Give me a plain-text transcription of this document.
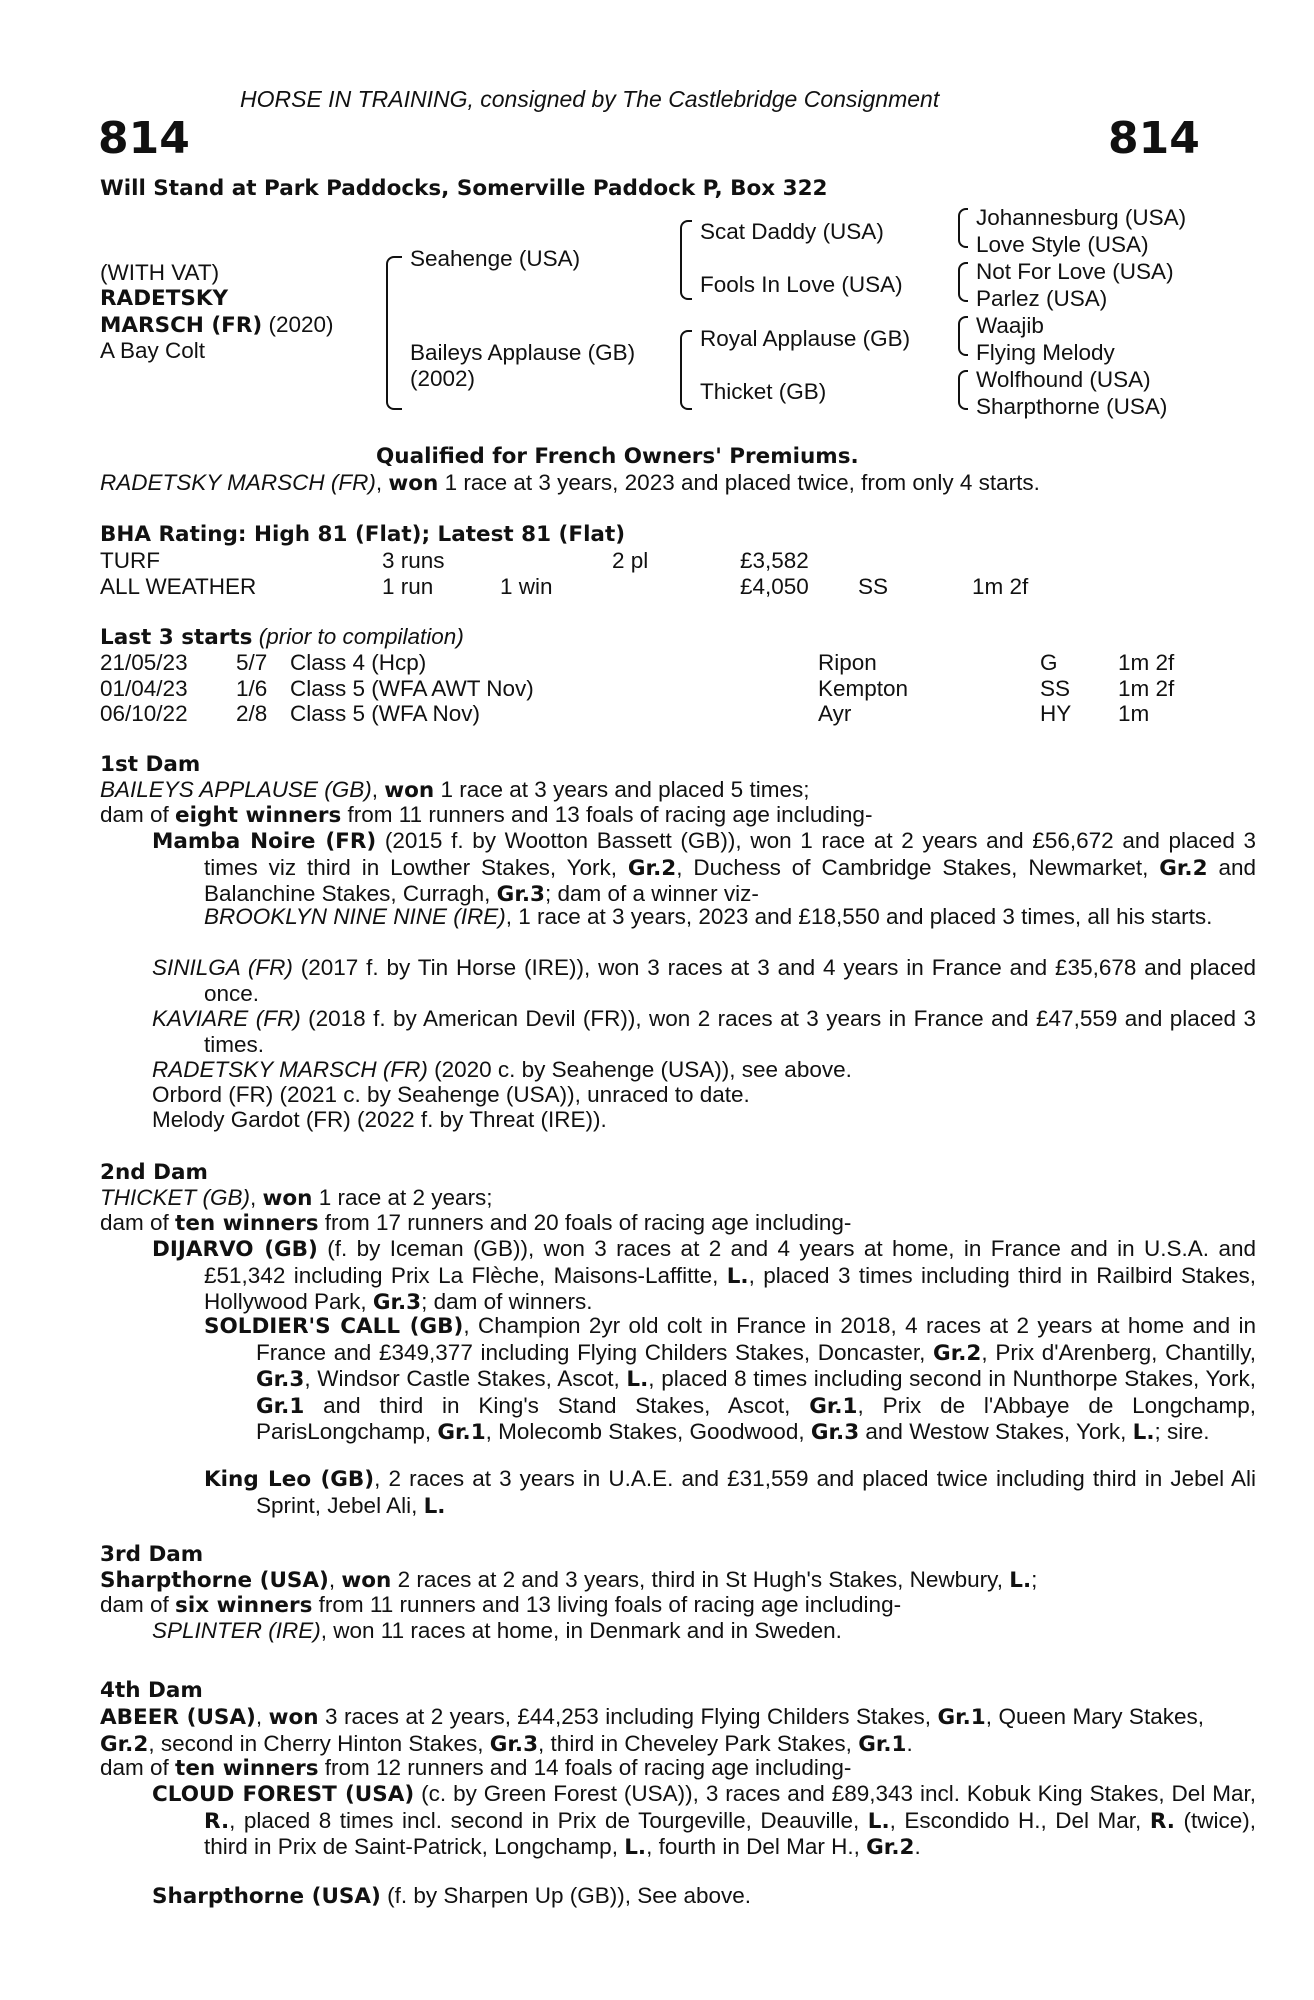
HORSE IN TRAINING, consigned by The Castlebridge Consignment
814	814
Will Stand at Park Paddocks, Somerville Paddock P, Box 322
(WITH VAT)
RADETSKY
MARSCH (FR) (2020)
A Bay Colt
Seahenge (USA)
Baileys Applause (GB)
(2002)
Scat Daddy (USA)
Fools In Love (USA)
Royal Applause (GB)
Thicket (GB)
Johannesburg (USA)
Love Style (USA)
Not For Love (USA)
Parlez (USA)
Waajib
Flying Melody
Wolfhound (USA)
Sharpthorne (USA)
Qualified for French Owners' Premiums.
RADETSKY MARSCH (FR), won 1 race at 3 years, 2023 and placed twice, from only 4 starts.
BHA Rating: High 81 (Flat); Latest 81 (Flat)
TURF	3 runs	2 pl	£3,582
ALL WEATHER	1 run	1 win	£4,050 SS	1m 2f
Last 3 starts (prior to compilation)
21/05/23 5/7 Class 4 (Hcp)	Ripon	G	1m 2f
01/04/23 1/6 Class 5 (WFA AWT Nov)	Kempton	SS 1m 2f
06/10/22 2/8 Class 5 (WFA Nov)	Ayr	HY 1m
1st Dam
BAILEYS APPLAUSE (GB), won 1 race at 3 years and placed 5 times;
dam of eight winners from 11 runners and 13 foals of racing age including-
Mamba Noire (FR) (2015 f. by Wootton Bassett (GB)), won 1 race at 2 years and £56,672 and placed 3 times viz third in Lowther Stakes, York, Gr.2, Duchess of Cambridge Stakes, Newmarket, Gr.2 and Balanchine Stakes, Curragh, Gr.3; dam of a winner viz-
BROOKLYN NINE NINE (IRE), 1 race at 3 years, 2023 and £18,550 and placed 3 times, all his starts.
SINILGA (FR) (2017 f. by Tin Horse (IRE)), won 3 races at 3 and 4 years in France and £35,678 and placed once.
KAVIARE (FR) (2018 f. by American Devil (FR)), won 2 races at 3 years in France and £47,559 and placed 3 times.
RADETSKY MARSCH (FR) (2020 c. by Seahenge (USA)), see above.
Orbord (FR) (2021 c. by Seahenge (USA)), unraced to date.
Melody Gardot (FR) (2022 f. by Threat (IRE)).
2nd Dam
THICKET (GB), won 1 race at 2 years;
dam of ten winners from 17 runners and 20 foals of racing age including-
DIJARVO (GB) (f. by Iceman (GB)), won 3 races at 2 and 4 years at home, in France and in U.S.A. and £51,342 including Prix La Flèche, Maisons-Laffitte, L., placed 3 times including third in Railbird Stakes, Hollywood Park, Gr.3; dam of winners.
SOLDIER'S CALL (GB), Champion 2yr old colt in France in 2018, 4 races at 2 years at home and in France and £349,377 including Flying Childers Stakes, Doncaster, Gr.2, Prix d'Arenberg, Chantilly, Gr.3, Windsor Castle Stakes, Ascot, L., placed 8 times including second in Nunthorpe Stakes, York, Gr.1 and third in King's Stand Stakes, Ascot, Gr.1, Prix de l'Abbaye de Longchamp, ParisLongchamp, Gr.1, Molecomb Stakes, Goodwood, Gr.3 and Westow Stakes, York, L.; sire.
King Leo (GB), 2 races at 3 years in U.A.E. and £31,559 and placed twice including third in Jebel Ali Sprint, Jebel Ali, L.
3rd Dam
Sharpthorne (USA), won 2 races at 2 and 3 years, third in St Hugh's Stakes, Newbury, L.;
dam of six winners from 11 runners and 13 living foals of racing age including-
SPLINTER (IRE), won 11 races at home, in Denmark and in Sweden.
4th Dam
ABEER (USA), won 3 races at 2 years, £44,253 including Flying Childers Stakes, Gr.1, Queen Mary Stakes, Gr.2, second in Cherry Hinton Stakes, Gr.3, third in Cheveley Park Stakes, Gr.1.
dam of ten winners from 12 runners and 14 foals of racing age including-
CLOUD FOREST (USA) (c. by Green Forest (USA)), 3 races and £89,343 incl. Kobuk King Stakes, Del Mar, R., placed 8 times incl. second in Prix de Tourgeville, Deauville, L., Escondido H., Del Mar, R. (twice), third in Prix de Saint-Patrick, Longchamp, L., fourth in Del Mar H., Gr.2.
Sharpthorne (USA) (f. by Sharpen Up (GB)), See above.
